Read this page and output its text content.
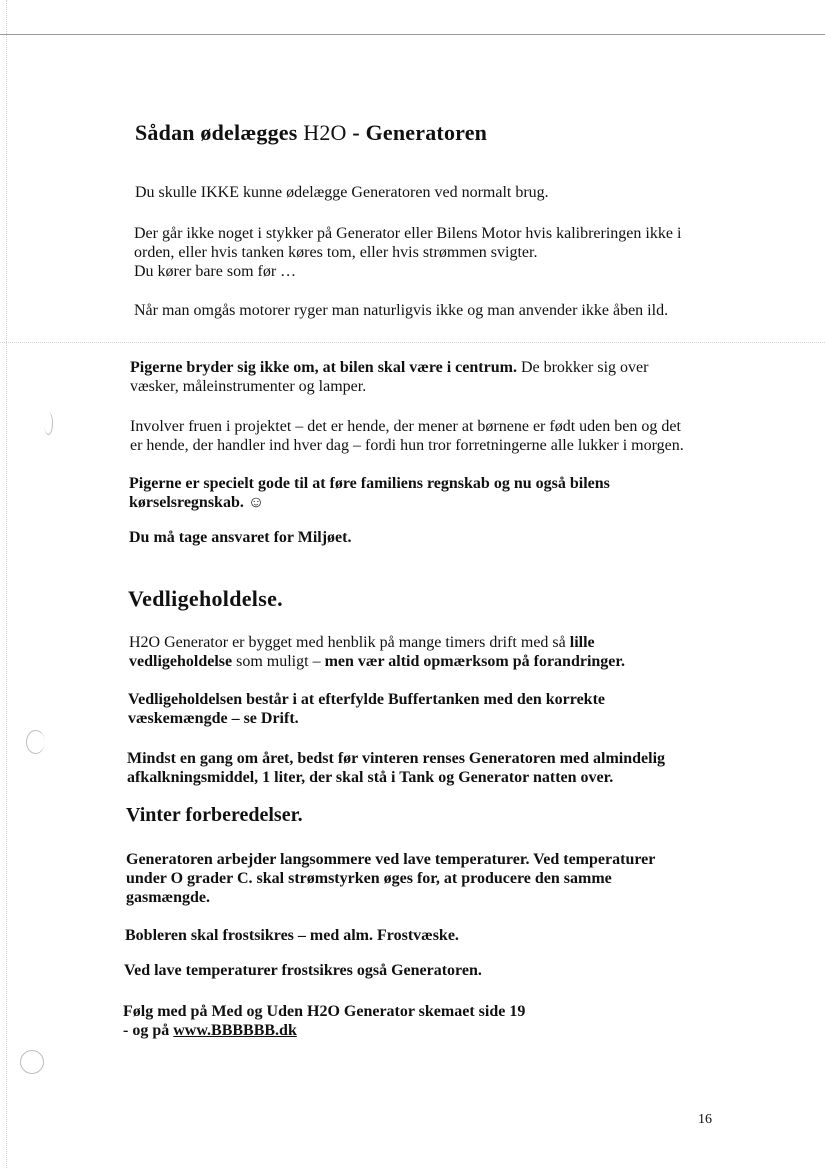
Sådan ødelægges H2O - Generatoren

Du skulle IKKE kunne ødelægge Generatoren ved normalt brug.

Der går ikke noget i stykker på Generator eller Bilens Motor hvis kalibreringen ikke i
orden, eller hvis tanken køres tom, eller hvis strømmen svigter.
Du kører bare som før …

Når man omgås motorer ryger man naturligvis ikke og man anvender ikke åben ild.

Pigerne bryder sig ikke om, at bilen skal være i centrum. De brokker sig over
væsker, måleinstrumenter og lamper.
Involver fruen i projektet – det er hende, der mener at børnene er født uden ben og det
er hende, der handler ind hver dag – fordi hun tror forretningerne alle lukker i morgen.
Pigerne er specielt gode til at føre familiens regnskab og nu også bilens
kørselsregnskab. ☺

Du må tage ansvaret for Miljøet.

Vedligeholdelse.
H2O Generator er bygget med henblik på mange timers drift med så lille
vedligeholdelse som muligt – men vær altid opmærksom på forandringer.
Vedligeholdelsen består i at efterfylde Buffertanken med den korrekte
væskemængde – se Drift.
Mindst en gang om året, bedst før vinteren renses Generatoren med almindelig
afkalkningsmiddel, 1 liter, der skal stå i Tank og Generator natten over.
Vinter forberedelser.
Generatoren arbejder langsommere ved lave temperaturer. Ved temperaturer
under O grader C. skal strømstyrken øges for, at producere den samme
gasmængde.

Bobleren skal frostsikres – med alm. Frostvæske.

Ved lave temperaturer frostsikres også Generatoren.

Følg med på Med og Uden H2O Generator skemaet side 19
- og på www.BBBBBB.dk
16
